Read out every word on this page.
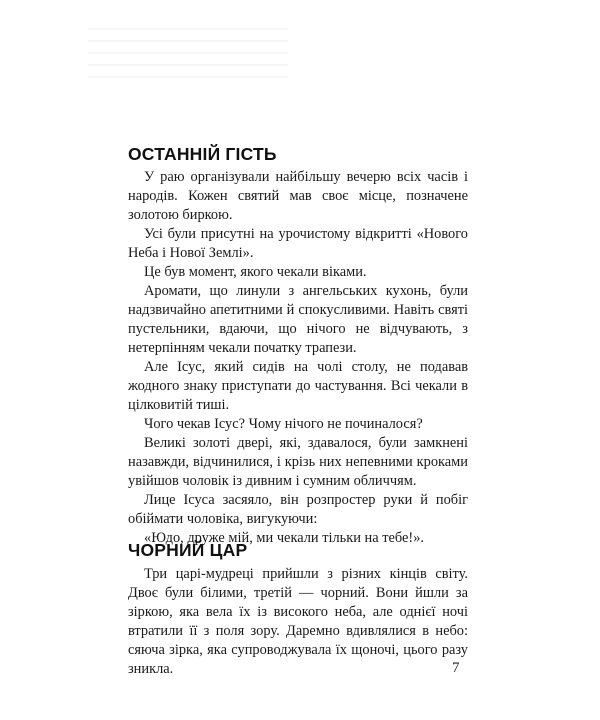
ОСТАННІЙ ГІСТЬ

У раю організували найбільшу вечерю всіх часів і народів. Кожен святий мав своє місце, позначене золотою биркою.

Усі були присутні на урочистому відкритті «Нового Неба і Нової Землі».

Це був момент, якого чекали віками.

Аромати, що линули з ангельських кухонь, були надзвичайно апетитними й спокусливими. Навіть святі пустельники, вдаючи, що нічого не відчувають, з нетерпінням чекали початку трапези.

Але Ісус, який сидів на чолі столу, не подавав жодного знаку приступати до частування. Всі чекали в цілковитій тиші.

Чого чекав Ісус? Чому нічого не починалося?

Великі золоті двері, які, здавалося, були замкнені назавжди, відчинилися, і крізь них непевними кроками увійшов чоловік із дивним і сумним обличчям.

Лице Ісуса засяяло, він розпростер руки й побіг обіймати чоловіка, вигукуючи:

«Юдо, друже мій, ми чекали тільки на тебе!».

ЧОРНИЙ ЦАР

Три царі-мудреці прийшли з різних кінців світу. Двоє були білими, третій — чорний. Вони йшли за зіркою, яка вела їх із високого неба, але однієї ночі втратили її з поля зору. Даремно вдивлялися в небо: сяюча зірка, яка супроводжувала їх щоночі, цього разу зникла.	7
